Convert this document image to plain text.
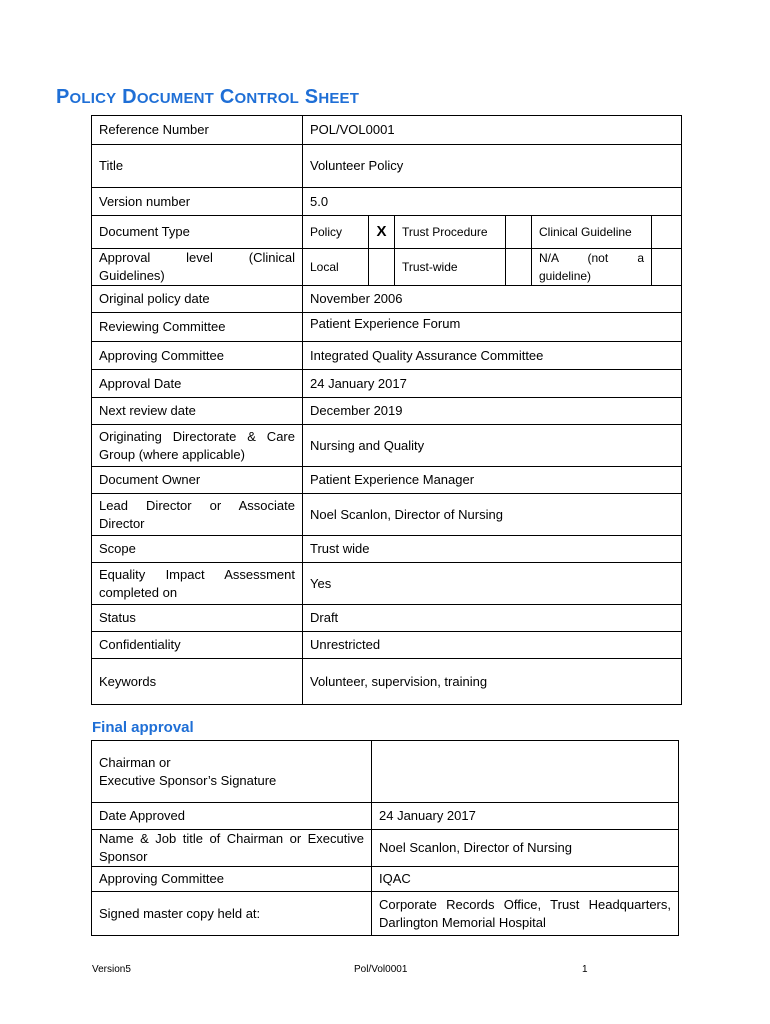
POLICY DOCUMENT CONTROL SHEET
Reference Number	POL/VOL0001					
Title	Volunteer Policy					
Version number	5.0					
Document Type	Policy	X	Trust Procedure		Clinical Guideline	
Approval level (Clinical Guidelines)	Local		Trust-wide		N/A (not a guideline)	
Original policy date	November 2006					
Reviewing Committee	Patient Experience Forum					
Approving Committee	Integrated Quality Assurance Committee					
Approval Date	24 January 2017					
Next review date	December 2019					
Originating Directorate & Care Group (where applicable)	Nursing and Quality					
Document Owner	Patient Experience Manager					
Lead Director or Associate Director	Noel Scanlon, Director of Nursing					
Scope	Trust wide					
Equality Impact Assessment completed on	Yes					
Status	Draft					
Confidentiality	Unrestricted					
Keywords	Volunteer, supervision, training					
Final approval
Chairman or
Executive Sponsor’s Signature	
Date Approved	24 January 2017
Name & Job title of Chairman or Executive Sponsor	Noel Scanlon, Director of Nursing
Approving Committee	IQAC
Signed master copy held at:	Corporate Records Office, Trust Headquarters, Darlington Memorial Hospital
Version5	Pol/Vol0001	1
